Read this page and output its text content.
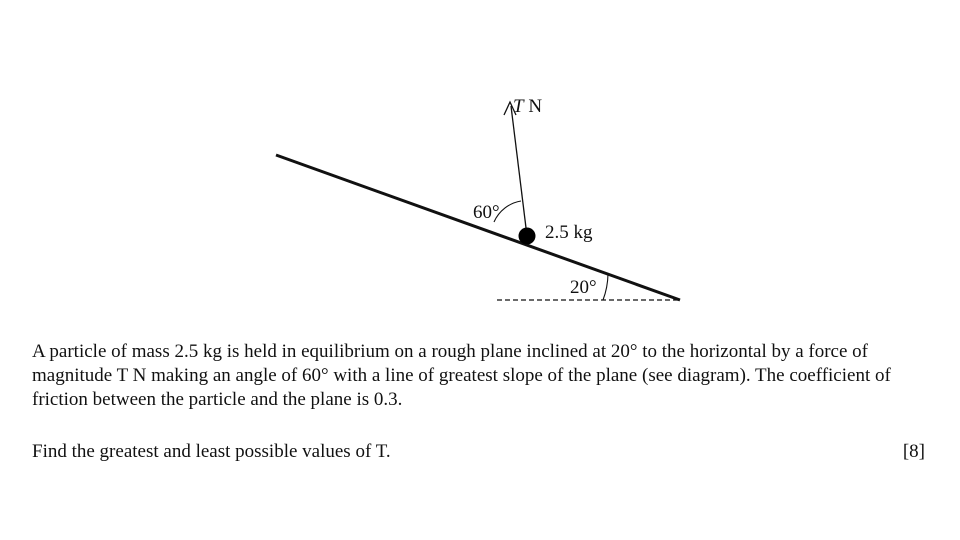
T N
60°
2.5 kg
20°

A particle of mass 2.5 kg is held in equilibrium on a rough plane inclined at 20° to the horizontal by a force of magnitude T N making an angle of 60° with a line of greatest slope of the plane (see diagram). The coefficient of friction between the particle and the plane is 0.3.

Find the greatest and least possible values of T.	[8]
